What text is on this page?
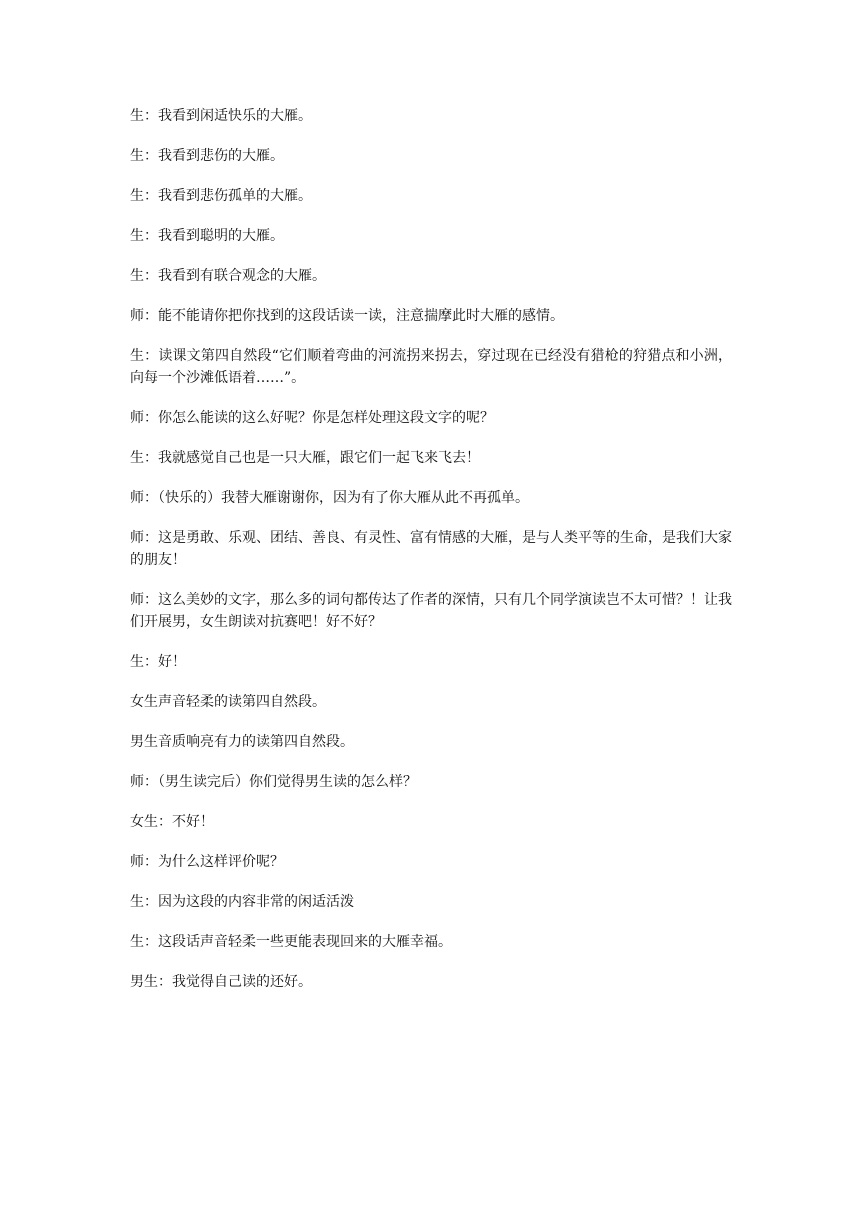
生：我看到闲适快乐的大雁。

生：我看到悲伤的大雁。

生：我看到悲伤孤单的大雁。

生：我看到聪明的大雁。

生：我看到有联合观念的大雁。

师：能不能请你把你找到的这段话读一读，注意揣摩此时大雁的感情。

生：读课文第四自然段“它们顺着弯曲的河流拐来拐去，穿过现在已经没有猎枪的狩猎点和小洲，向每一个沙滩低语着……”。

师：你怎么能读的这么好呢？你是怎样处理这段文字的呢？

生：我就感觉自己也是一只大雁，跟它们一起飞来飞去！

师：（快乐的）我替大雁谢谢你，因为有了你大雁从此不再孤单。

师：这是勇敢、乐观、团结、善良、有灵性、富有情感的大雁，是与人类平等的生命，是我们大家的朋友！

师：这么美妙的文字，那么多的词句都传达了作者的深情，只有几个同学演读岂不太可惜？！让我们开展男，女生朗读对抗赛吧！好不好？

生：好！

女生声音轻柔的读第四自然段。

男生音质响亮有力的读第四自然段。

师：（男生读完后）你们觉得男生读的怎么样？

女生：不好！

师：为什么这样评价呢？

生：因为这段的内容非常的闲适活泼

生：这段话声音轻柔一些更能表现回来的大雁幸福。

男生：我觉得自己读的还好。
